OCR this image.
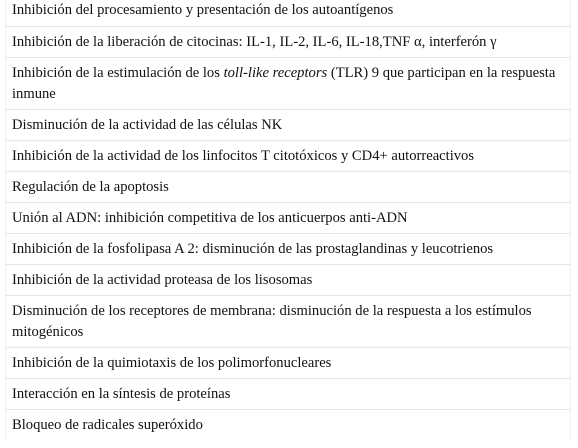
Inhibición del procesamiento y presentación de los autoantígenos
Inhibición de la liberación de citocinas: IL-1, IL-2, IL-6, IL-18,TNF α, interferón γ
Inhibición de la estimulación de los toll-like receptors (TLR) 9 que participan en la respuesta inmune
Disminución de la actividad de las células NK
Inhibición de la actividad de los linfocitos T citotóxicos y CD4+ autorreactivos
Regulación de la apoptosis
Unión al ADN: inhibición competitiva de los anticuerpos anti-ADN
Inhibición de la fosfolipasa A 2: disminución de las prostaglandinas y leucotrienos
Inhibición de la actividad proteasa de los lisosomas
Disminución de los receptores de membrana: disminución de la respuesta a los estímulos mitogénicos
Inhibición de la quimiotaxis de los polimorfonucleares
Interacción en la síntesis de proteínas
Bloqueo de radicales superóxido
